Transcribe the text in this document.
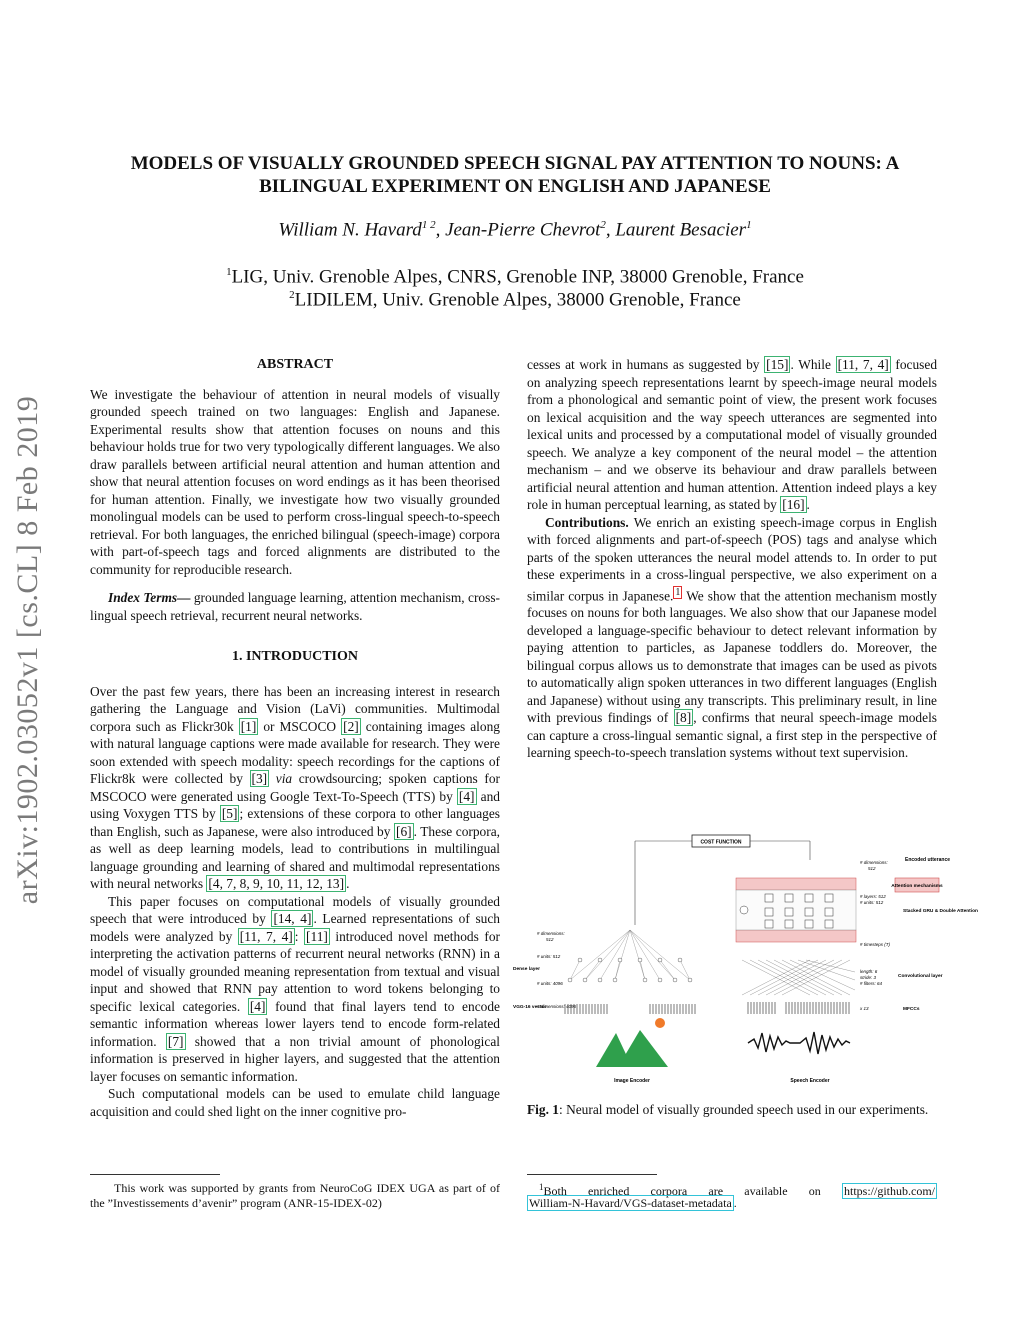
arXiv:1902.03052v1 [cs.CL] 8 Feb 2019
MODELS OF VISUALLY GROUNDED SPEECH SIGNAL PAY ATTENTION TO NOUNS: A
BILINGUAL EXPERIMENT ON ENGLISH AND JAPANESE
William N. Havard$^{1 2}$, Jean-Pierre Chevrot$^2$, Laurent Besacier$^1$
$^1$LIG, Univ. Grenoble Alpes, CNRS, Grenoble INP, 38000 Grenoble, France
$^2$LIDILEM, Univ. Grenoble Alpes, 38000 Grenoble, France
ABSTRACT

We investigate the behaviour of attention in neural models of visually grounded speech trained on two languages: English and Japanese. Experimental results show that attention focuses on nouns and this behaviour holds true for two very typologically different languages. We also draw parallels between artificial neural attention and human attention and show that neural attention focuses on word endings as it has been theorised for human attention. Finally, we investigate how two visually grounded monolingual models can be used to perform cross-lingual speech-to-speech retrieval. For both languages, the enriched bilingual (speech-image) corpora with part-of-speech tags and forced alignments are distributed to the community for reproducible research.

Index Terms— grounded language learning, attention mechanism, cross-lingual speech retrieval, recurrent neural networks.

1. INTRODUCTION

Over the past few years, there has been an increasing interest in research gathering the Language and Vision (LaVi) communities. Multimodal corpora such as Flickr30k [1] or MSCOCO [2] containing images along with natural language captions were made available for research. They were soon extended with speech modality: speech recordings for the captions of Flickr8k were collected by [3] via crowdsourcing; spoken captions for MSCOCO were generated using Google Text-To-Speech (TTS) by [4] and using Voxygen TTS by [5] ; extensions of these corpora to other languages than English, such as Japanese, were also introduced by [6] . These corpora, as well as deep learning models, lead to contributions in multilingual language grounding and learning of shared and multimodal representations with neural networks [4, 7, 8, 9, 10, 11, 12, 13] .

This paper focuses on computational models of visually grounded speech that were introduced by [14, 4] . Learned representations of such models were analyzed by [11, 7, 4] : [11] introduced novel methods for interpreting the activation patterns of recurrent neural networks (RNN) in a model of visually grounded meaning representation from textual and visual input and showed that RNN pay attention to word tokens belonging to specific lexical categories. [4] found that final layers tend to encode semantic information whereas lower layers tend to encode form-related information. [7] showed that a non trivial amount of phonological information is preserved in higher layers, and suggested that the attention layer focuses on semantic information.

Such computational models can be used to emulate child language acquisition and could shed light on the inner cognitive pro-

This work was supported by grants from NeuroCoG IDEX UGA as part of of the ”Investissements d’avenir” program (ANR-15-IDEX-02)

cesses at work in humans as suggested by [15] . While [11, 7, 4] focused on analyzing speech representations learnt by speech-image neural models from a phonological and semantic point of view, the present work focuses on lexical acquisition and the way speech utterances are segmented into lexical units and processed by a computational model of visually grounded speech. We analyze a key component of the neural model – the attention mechanism – and we observe its behaviour and draw parallels between artificial neural attention and human attention. Attention indeed plays a key role in human perceptual learning, as stated by [16] .

Contributions. We enrich an existing speech-image corpus in English with forced alignments and part-of-speech (POS) tags and analyse which parts of the spoken utterances the neural model attends to. In order to put these experiments in a cross-lingual perspective, we also experiment on a similar corpus in Japanese. $^1$ We show that the attention mechanism mostly focuses on nouns for both languages. We also show that our Japanese model developed a language-specific behaviour to detect relevant information by paying attention to particles, as Japanese toddlers do. Moreover, the bilingual corpus allows us to demonstrate that images can be used as pivots to automatically align spoken utterances in two different languages (English and Japanese) without using any transcripts. This preliminary result, in line with previous findings of [8] , confirms that neural speech-image models can capture a cross-lingual semantic signal, a first step in the perspective of learning speech-to-speech translation systems without text supervision.

COST FUNCTION
# dimensions:
512
Encoded utterance
Attention mechanisms
# layers: 512
# units: 512
Stacked GRU & Double Attention
# timesteps (T)
length: 6
stride: 3
# filters: 64
Convolutional layer
x 13	MFCCs
Speech Encoder
# dimensions:
512
# units: 512
Dense layer
# units: 4096
VGG-16 vector
# dimensions: 4096
Image Encoder
Fig. 1: Neural model of visually grounded speech used in our experiments.
$^1$Both enriched corpora are available on https://github.com/
William-N-Havard/VGS-dataset-metadata .
